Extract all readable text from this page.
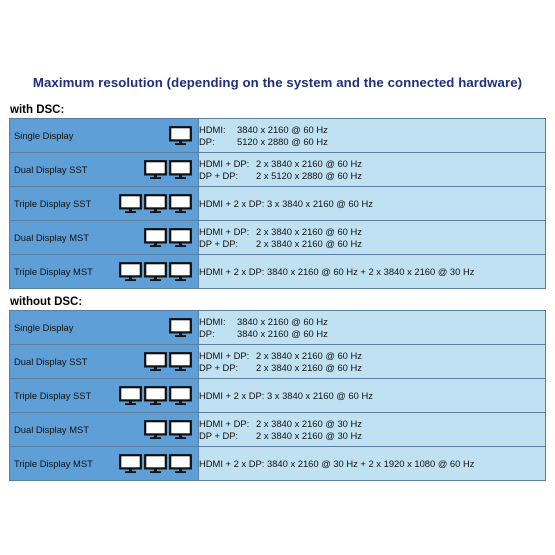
Maximum resolution (depending on the system and the connected hardware)
with DSC:
Single Display	HDMI: 3840 x 2160 @ 60 Hz
DP: 5120 x 2880 @ 60 Hz

Dual Display SST	HDMI + DP: 2 x 3840 x 2160 @ 60 Hz
DP + DP: 2 x 5120 x 2880 @ 60 Hz

Triple Display SST	HDMI + 2 x DP: 3 x 3840 x 2160 @ 60 Hz

Dual Display MST	HDMI + DP: 2 x 3840 x 2160 @ 60 Hz
DP + DP: 2 x 3840 x 2160 @ 60 Hz

Triple Display MST	HDMI + 2 x DP: 3840 x 2160 @ 60 Hz + 2 x 3840 x 2160 @ 30 Hz
without DSC:
Single Display	HDMI: 3840 x 2160 @ 60 Hz
DP: 3840 x 2160 @ 60 Hz

Dual Display SST	HDMI + DP: 2 x 3840 x 2160 @ 60 Hz
DP + DP: 2 x 3840 x 2160 @ 60 Hz

Triple Display SST	HDMI + 2 x DP: 3 x 3840 x 2160 @ 60 Hz

Dual Display MST	HDMI + DP: 2 x 3840 x 2160 @ 30 Hz
DP + DP: 2 x 3840 x 2160 @ 30 Hz

Triple Display MST	HDMI + 2 x DP: 3840 x 2160 @ 30 Hz + 2 x 1920 x 1080 @ 60 Hz
